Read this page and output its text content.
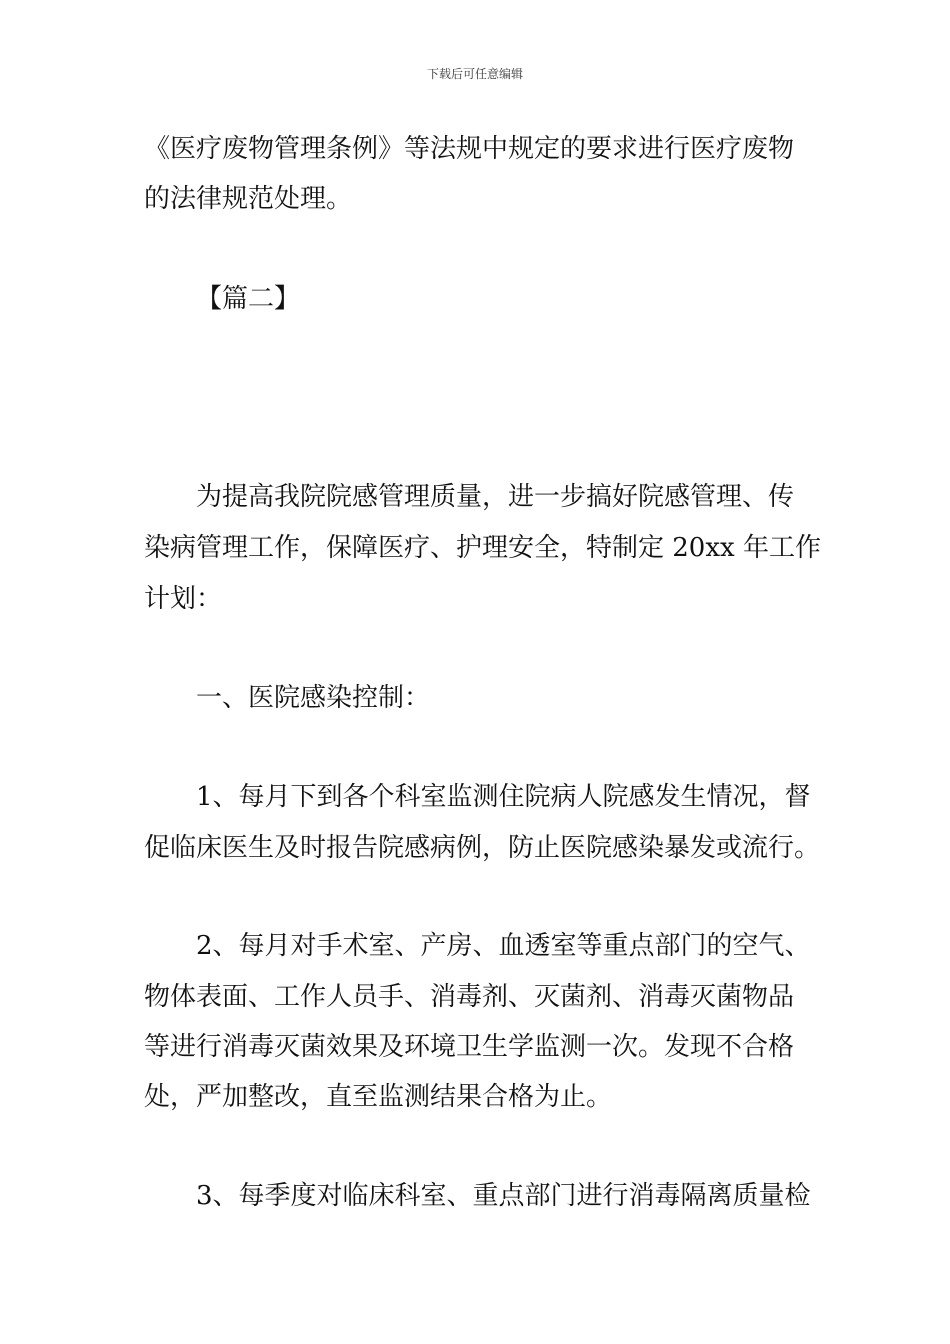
下载后可任意编辑
《医疗废物管理条例》等法规中规定的要求进行医疗废物
的法律规范处理。
【篇二】
为提高我院院感管理质量，进一步搞好院感管理、传
染病管理工作，保障医疗、护理安全，特制定 20xx 年工作
计划：
一、医院感染控制：
1、每月下到各个科室监测住院病人院感发生情况，督
促临床医生及时报告院感病例，防止医院感染暴发或流行。
2、每月对手术室、产房、血透室等重点部门的空气、
物体表面、工作人员手、消毒剂、灭菌剂、消毒灭菌物品
等进行消毒灭菌效果及环境卫生学监测一次。发现不合格
处，严加整改，直至监测结果合格为止。
3、每季度对临床科室、重点部门进行消毒隔离质量检
